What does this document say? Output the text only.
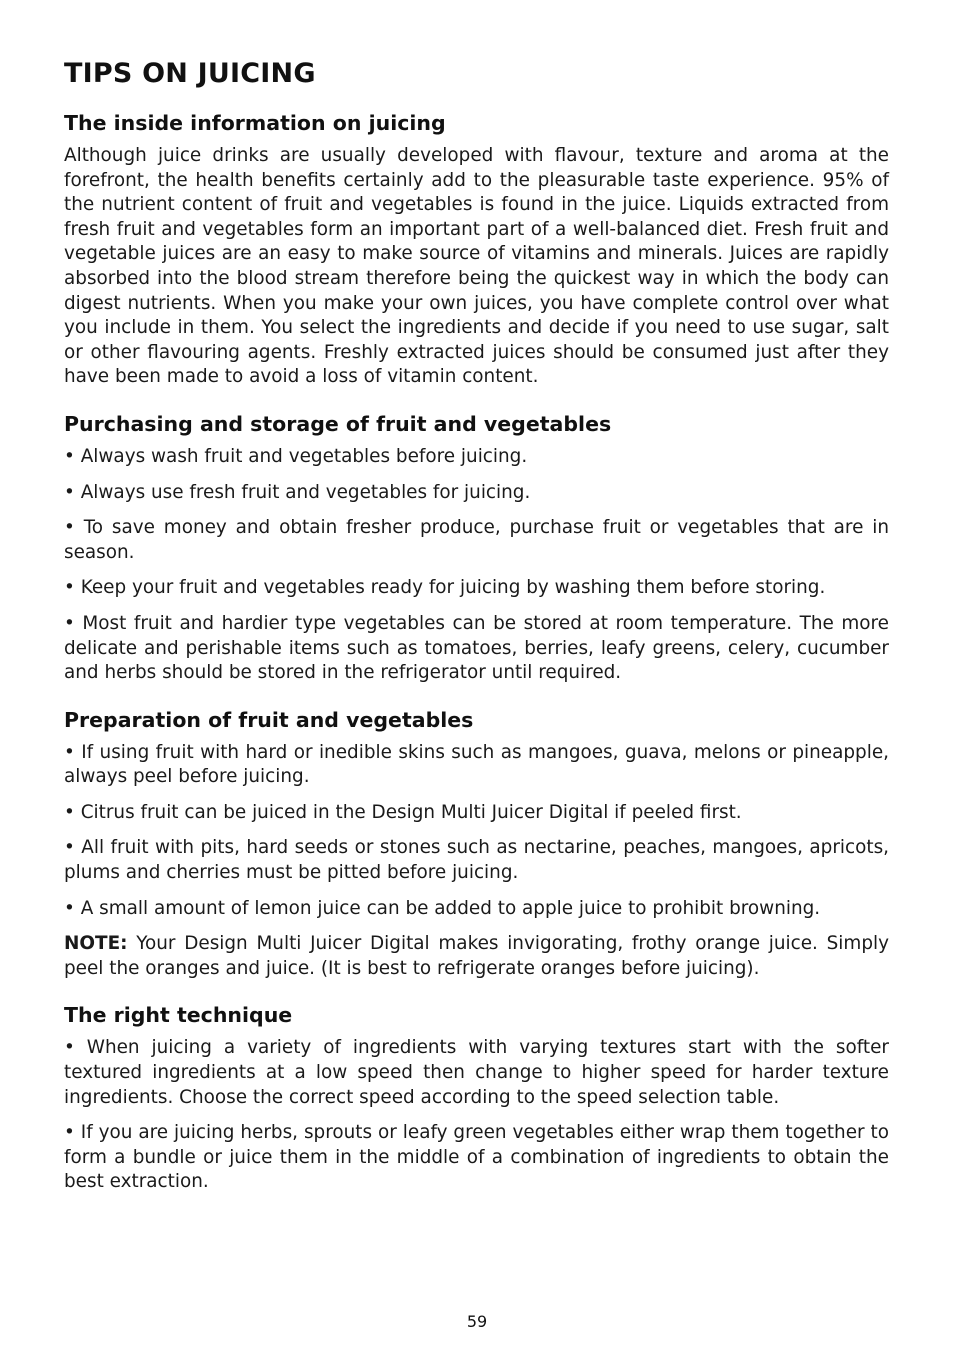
TIPS ON JUICING
The inside information on juicing

Although juice drinks are usually developed with flavour, texture and aroma at the forefront, the health benefits certainly add to the pleasurable taste experience. 95% of the nutrient content of fruit and vegetables is found in the juice. Liquids extracted from fresh fruit and vegetables form an important part of a well-balanced diet. Fresh fruit and vegetable juices are an easy to make source of vitamins and minerals. Juices are rapidly absorbed into the blood stream therefore being the quickest way in which the body can digest nutrients. When you make your own juices, you have complete control over what you include in them. You select the ingredients and decide if you need to use sugar, salt or other flavouring agents. Freshly extracted juices should be consumed just after they have been made to avoid a loss of vitamin content.

Purchasing and storage of fruit and vegetables

• Always wash fruit and vegetables before juicing.

• Always use fresh fruit and vegetables for juicing.

• To save money and obtain fresher produce, purchase fruit or vegetables that are in season.

• Keep your fruit and vegetables ready for juicing by washing them before storing.

• Most fruit and hardier type vegetables can be stored at room temperature. The more delicate and perishable items such as tomatoes, berries, leafy greens, celery, cucumber and herbs should be stored in the refrigerator until required.

Preparation of fruit and vegetables

• If using fruit with hard or inedible skins such as mangoes, guava, melons or pineapple, always peel before juicing.

• Citrus fruit can be juiced in the Design Multi Juicer Digital if peeled first.

• All fruit with pits, hard seeds or stones such as nectarine, peaches, mangoes, apricots, plums and cherries must be pitted before juicing.

• A small amount of lemon juice can be added to apple juice to prohibit browning.

NOTE: Your Design Multi Juicer Digital makes invigorating, frothy orange juice. Simply peel the oranges and juice. (It is best to refrigerate oranges before juicing).

The right technique

• When juicing a variety of ingredients with varying textures start with the softer textured ingredients at a low speed then change to higher speed for harder texture ingredients. Choose the correct speed according to the speed selection table.

• If you are juicing herbs, sprouts or leafy green vegetables either wrap them together to form a bundle or juice them in the middle of a combination of ingredients to obtain the best extraction.

59
